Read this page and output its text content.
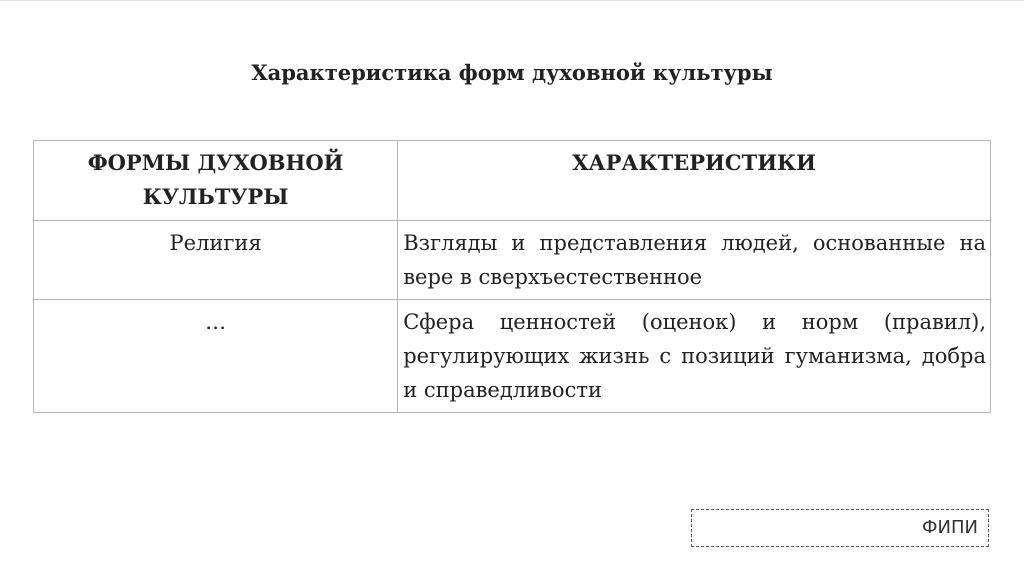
Характеристика форм духовной культуры
ФОРМЫ ДУХОВНОЙ КУЛЬТУРЫ	ХАРАКТЕРИСТИКИ
Религия	Взгляды и представления людей, основанные на вере в сверхъестественное
…	Сфера ценностей (оценок) и норм (правил), регулирующих жизнь с позиций гуманизма, добра и справедливости
ФИПИ
